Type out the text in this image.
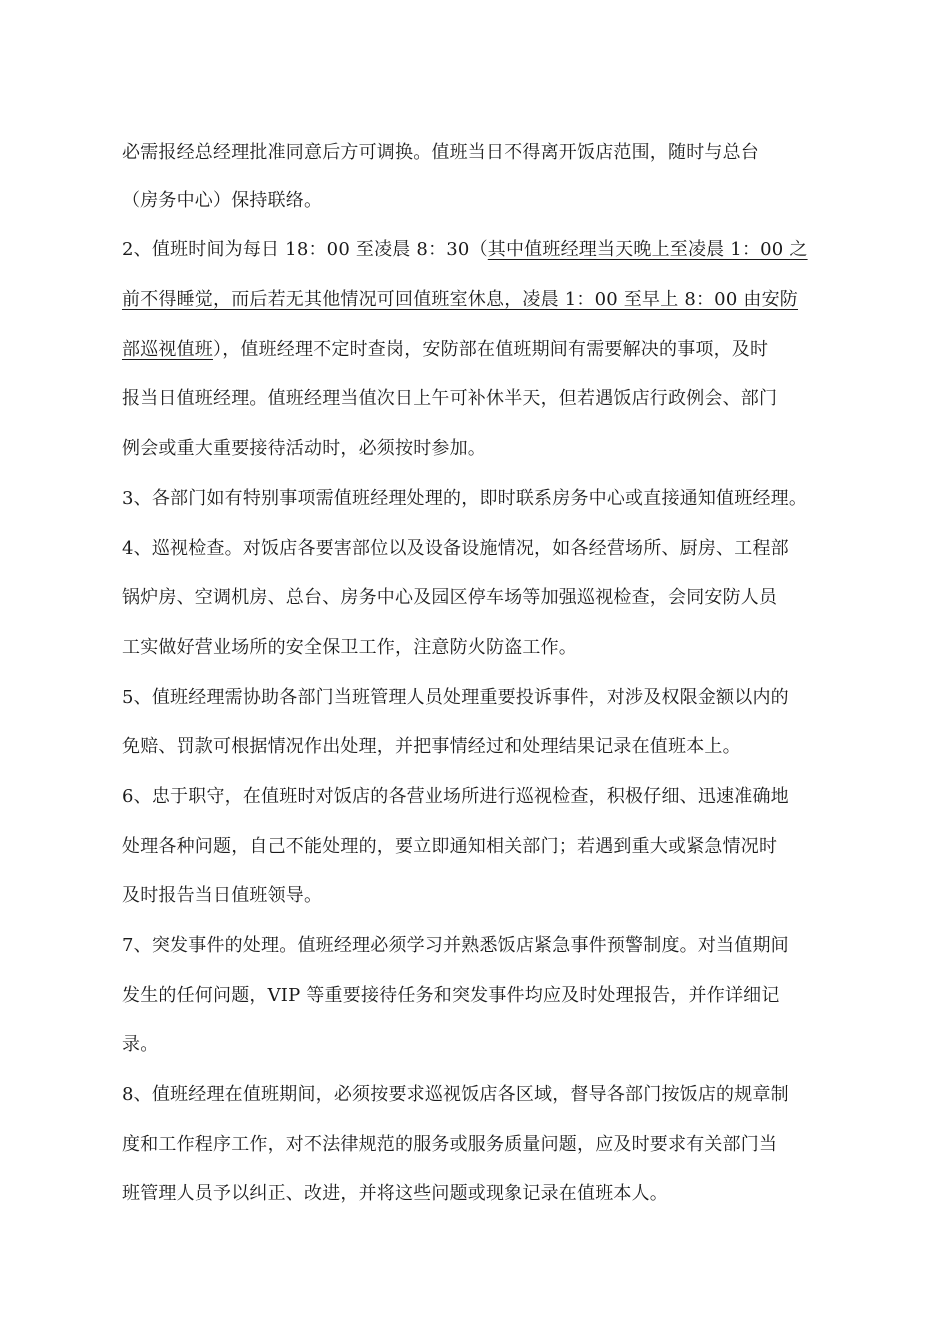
必需报经总经理批准同意后方可调换。值班当日不得离开饭店范围，随时与总台
（房务中心）保持联络。
2、值班时间为每日 18：00 至凌晨 8：30（其中值班经理当天晚上至凌晨 1：00 之
前不得睡觉，而后若无其他情况可回值班室休息，凌晨 1：00 至早上 8：00 由安防
部巡视值班），值班经理不定时查岗，安防部在值班期间有需要解决的事项，及时
报当日值班经理。值班经理当值次日上午可补休半天，但若遇饭店行政例会、部门
例会或重大重要接待活动时，必须按时参加。
3、各部门如有特别事项需值班经理处理的，即时联系房务中心或直接通知值班经理。
4、巡视检查。对饭店各要害部位以及设备设施情况，如各经营场所、厨房、工程部
锅炉房、空调机房、总台、房务中心及园区停车场等加强巡视检查，会同安防人员
工实做好营业场所的安全保卫工作，注意防火防盗工作。
5、值班经理需协助各部门当班管理人员处理重要投诉事件，对涉及权限金额以内的
免赔、罚款可根据情况作出处理，并把事情经过和处理结果记录在值班本上。
6、忠于职守，在值班时对饭店的各营业场所进行巡视检查，积极仔细、迅速准确地
处理各种问题，自己不能处理的，要立即通知相关部门；若遇到重大或紧急情况时
及时报告当日值班领导。
7、突发事件的处理。值班经理必须学习并熟悉饭店紧急事件预警制度。对当值期间
发生的任何问题，VIP 等重要接待任务和突发事件均应及时处理报告，并作详细记
录。
8、值班经理在值班期间，必须按要求巡视饭店各区域，督导各部门按饭店的规章制
度和工作程序工作，对不法律规范的服务或服务质量问题，应及时要求有关部门当
班管理人员予以纠正、改进，并将这些问题或现象记录在值班本人。
